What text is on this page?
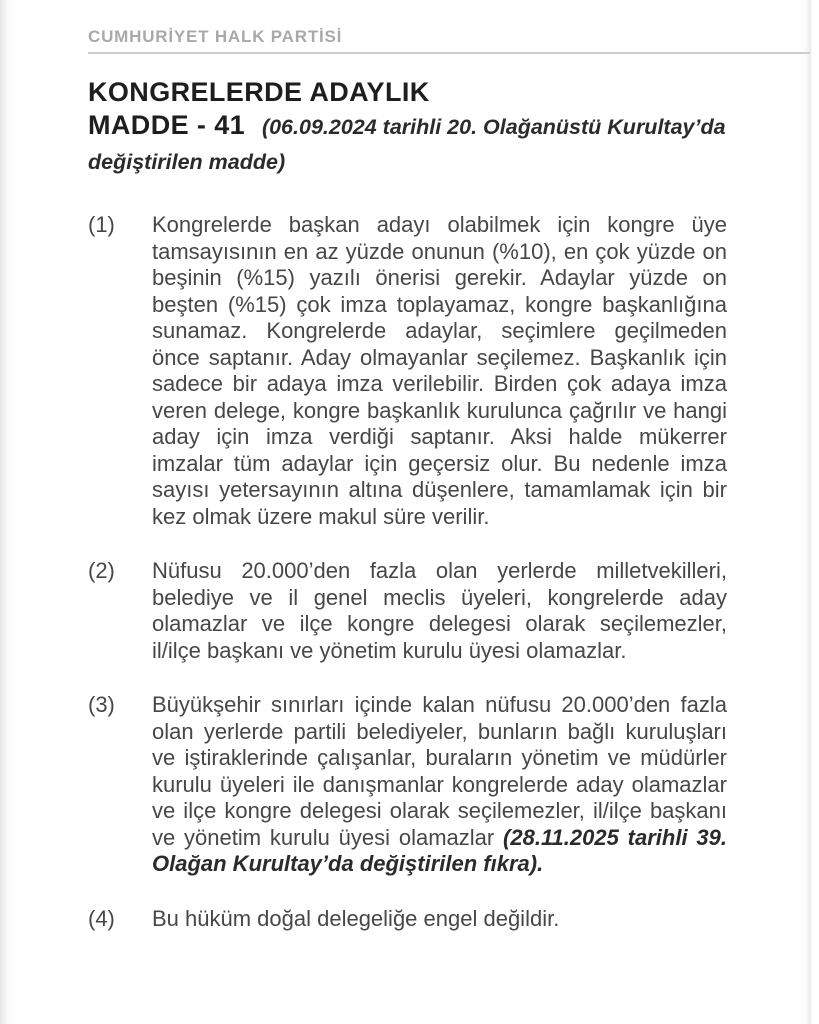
CUMHURİYET HALK PARTİSİ
KONGRELERDE ADAYLIK
MADDE - 41 (06.09.2024 tarihli 20. Olağanüstü Kurultay’da değiştirilen madde)
(1)	Kongrelerde başkan adayı olabilmek için kongre üye tamsayısının en az yüzde onunun (%10), en çok yüzde on beşinin (%15) yazılı önerisi gerekir. Adaylar yüzde on beşten (%15) çok imza toplayamaz, kongre başkanlığına sunamaz. Kongrelerde adaylar, seçimlere geçilmeden önce saptanır. Aday olmayanlar seçilemez. Başkanlık için sadece bir adaya imza verilebilir. Birden çok adaya imza veren delege, kongre başkanlık kurulunca çağrılır ve hangi aday için imza verdiği saptanır. Aksi halde mükerrer imzalar tüm adaylar için geçersiz olur. Bu nedenle imza sayısı yetersayının altına düşenlere, tamamlamak için bir kez olmak üzere makul süre verilir.
(2)	Nüfusu 20.000’den fazla olan yerlerde milletvekilleri, belediye ve il genel meclis üyeleri, kongrelerde aday olamazlar ve ilçe kongre delegesi olarak seçilemezler, il/ilçe başkanı ve yönetim kurulu üyesi olamazlar.
(3)	Büyükşehir sınırları içinde kalan nüfusu 20.000’den fazla olan yerlerde partili belediyeler, bunların bağlı kuruluşları ve iştiraklerinde çalışanlar, buraların yönetim ve müdürler kurulu üyeleri ile danışmanlar kongrelerde aday olamazlar ve ilçe kongre delegesi olarak seçilemezler, il/ilçe başkanı ve yönetim kurulu üyesi olamazlar (28.11.2025 tarihli 39. Olağan Kurultay’da değiştirilen fıkra).
(4)	Bu hüküm doğal delegeliğe engel değildir.
